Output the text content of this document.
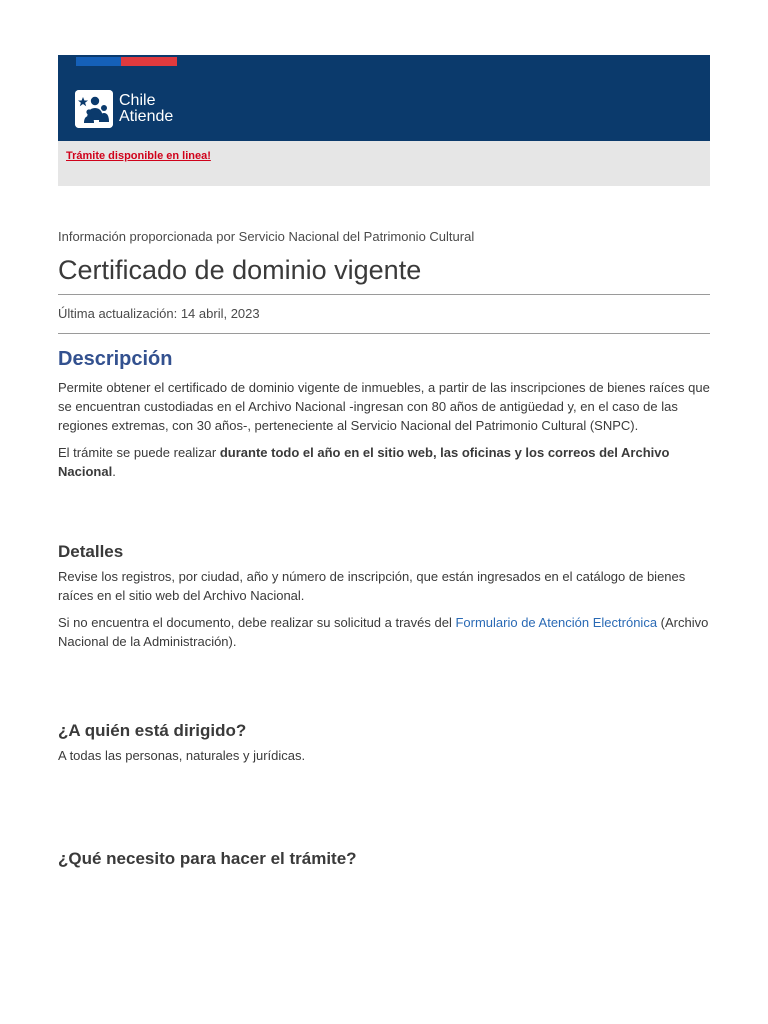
Chile
Atiende
Trámite disponible en linea!

Información proporcionada por Servicio Nacional del Patrimonio Cultural

Certificado de dominio vigente

Última actualización: 14 abril, 2023

Descripción

Permite obtener el certificado de dominio vigente de inmuebles, a partir de las inscripciones de bienes raíces que se encuentran custodiadas en el Archivo Nacional -ingresan con 80 años de antigüedad y, en el caso de las regiones extremas, con 30 años-, perteneciente al Servicio Nacional del Patrimonio Cultural (SNPC).

El trámite se puede realizar durante todo el año en el sitio web, las oficinas y los correos del Archivo Nacional.

Detalles

Revise los registros, por ciudad, año y número de inscripción, que están ingresados en el catálogo de bienes raíces en el sitio web del Archivo Nacional.

Si no encuentra el documento, debe realizar su solicitud a través del Formulario de Atención Electrónica (Archivo Nacional de la Administración).

¿A quién está dirigido?

A todas las personas, naturales y jurídicas.

¿Qué necesito para hacer el trámite?
